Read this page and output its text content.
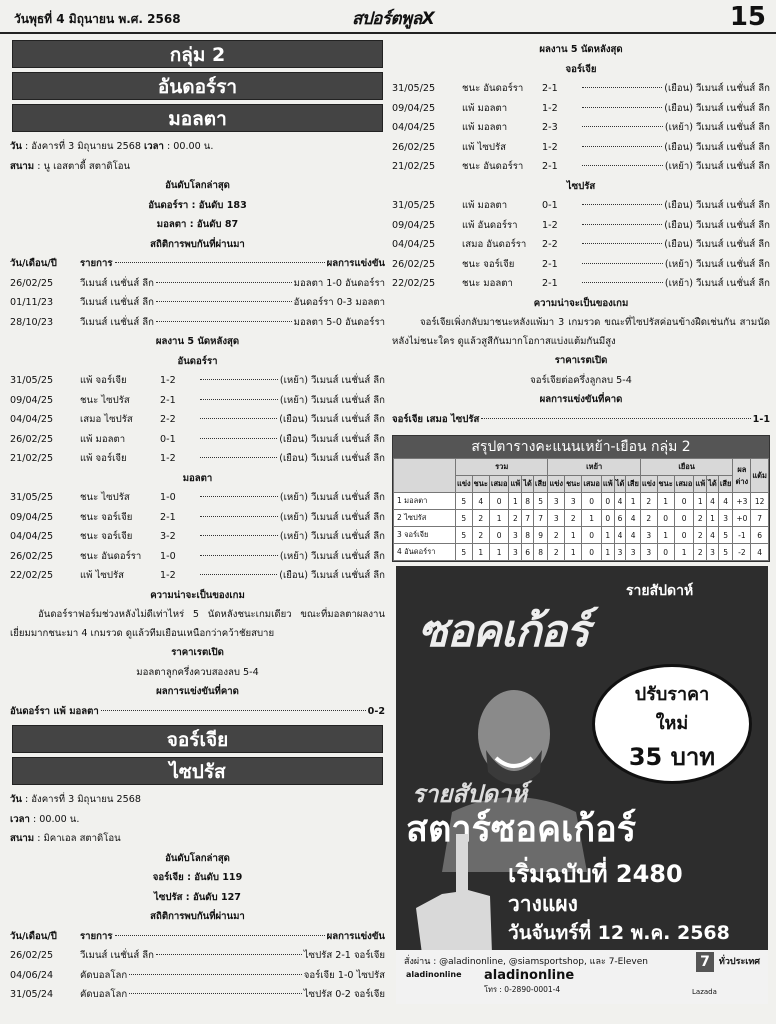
วันพุธที่ 4 มิถุนายน พ.ศ. 2568	สปอร์ตพูลX	15
กลุ่ม 2
อันดอร์รา
มอลตา
วัน
: อังคารที่ 3 มิถุนายน 2568
เวลา
: 00.00 น.
สนาม
: นู เอสตาดี้ สตาดิโอน
อันดับโลกล่าสุด
อันดอร์รา : อันดับ 183
มอลตา : อันดับ 87
สถิติการพบกันที่ผ่านมา
วัน/เดือน/ปี	รายการ	ผลการแข่งขัน
26/02/25	วีเมนส์ เนชั่นส์ ลีก	มอลตา 1-0 อันดอร์รา
01/11/23	วีเมนส์ เนชั่นส์ ลีก	อันดอร์รา 0-3 มอลตา
28/10/23	วีเมนส์ เนชั่นส์ ลีก	มอลตา 5-0 อันดอร์รา
ผลงาน 5 นัดหลังสุด
อันดอร์รา
31/05/25	แพ้ จอร์เจีย	1-2	(เหย้า) วีเมนส์ เนชั่นส์ ลีก
09/04/25	ชนะ ไซปรัส	2-1	(เหย้า) วีเมนส์ เนชั่นส์ ลีก
04/04/25	เสมอ ไซปรัส	2-2	(เยือน) วีเมนส์ เนชั่นส์ ลีก
26/02/25	แพ้ มอลตา	0-1	(เยือน) วีเมนส์ เนชั่นส์ ลีก
21/02/25	แพ้ จอร์เจีย	1-2	(เยือน) วีเมนส์ เนชั่นส์ ลีก
มอลตา
31/05/25	ชนะ ไซปรัส	1-0	(เหย้า) วีเมนส์ เนชั่นส์ ลีก
09/04/25	ชนะ จอร์เจีย	2-1	(เหย้า) วีเมนส์ เนชั่นส์ ลีก
04/04/25	ชนะ จอร์เจีย	3-2	(เหย้า) วีเมนส์ เนชั่นส์ ลีก
26/02/25	ชนะ อันดอร์รา	1-0	(เหย้า) วีเมนส์ เนชั่นส์ ลีก
22/02/25	แพ้ ไซปรัส	1-2	(เยือน) วีเมนส์ เนชั่นส์ ลีก
ความน่าจะเป็นของเกม
อันดอร์ราฟอร์มช่วงหลังไม่ดีเท่าไหร่ 5 นัดหลังชนะเกมเดียว ขณะที่มอลตาผลงานเยี่ยมมากชนะมา 4 เกมรวด ดูแล้วทีมเยือนเหนือกว่าคว้าชัยสบาย
ราคาเรตเปิด
มอลตาลูกครึ่งควบสองลบ 5-4
ผลการแข่งขันที่คาด
อันดอร์รา แพ้ มอลตา	0-2
จอร์เจีย
ไซปรัส
วัน
: อังคารที่ 3 มิถุนายน 2568
เวลา
: 00.00 น.
สนาม
: มิคาเอล สตาดิโอน
อันดับโลกล่าสุด
จอร์เจีย : อันดับ 119
ไซปรัส : อันดับ 127
สถิติการพบกันที่ผ่านมา
วัน/เดือน/ปี	รายการ	ผลการแข่งขัน
26/02/25	วีเมนส์ เนชั่นส์ ลีก	ไซปรัส 2-1 จอร์เจีย
04/06/24	คัดบอลโลก	จอร์เจีย 1-0 ไซปรัส
31/05/24	คัดบอลโลก	ไซปรัส 0-2 จอร์เจีย
ผลงาน 5 นัดหลังสุด
จอร์เจีย
31/05/25	ชนะ อันดอร์รา	2-1	(เยือน) วีเมนส์ เนชั่นส์ ลีก
09/04/25	แพ้ มอลตา	1-2	(เยือน) วีเมนส์ เนชั่นส์ ลีก
04/04/25	แพ้ มอลตา	2-3	(เหย้า) วีเมนส์ เนชั่นส์ ลีก
26/02/25	แพ้ ไซปรัส	1-2	(เยือน) วีเมนส์ เนชั่นส์ ลีก
21/02/25	ชนะ อันดอร์รา	2-1	(เหย้า) วีเมนส์ เนชั่นส์ ลีก
ไซปรัส
31/05/25	แพ้ มอลตา	0-1	(เยือน) วีเมนส์ เนชั่นส์ ลีก
09/04/25	แพ้ อันดอร์รา	1-2	(เยือน) วีเมนส์ เนชั่นส์ ลีก
04/04/25	เสมอ อันดอร์รา	2-2	(เยือน) วีเมนส์ เนชั่นส์ ลีก
26/02/25	ชนะ จอร์เจีย	2-1	(เหย้า) วีเมนส์ เนชั่นส์ ลีก
22/02/25	ชนะ มอลตา	2-1	(เหย้า) วีเมนส์ เนชั่นส์ ลีก
ความน่าจะเป็นของเกม
จอร์เจียเพิ่งกลับมาชนะหลังแพ้มา 3 เกมรวด ขณะที่ไซปรัสค่อนข้างฝืดเช่นกัน สามนัดหลังไม่ชนะใคร ดูแล้วสูสีกันมากโอกาสแบ่งแต้มกันมีสูง
ราคาเรตเปิด
จอร์เจียต่อครึ่งลูกลบ 5-4
ผลการแข่งขันที่คาด
จอร์เจีย เสมอ ไซปรัส	1-1
สรุปตารางคะแนนเหย้า-เยือน กลุ่ม 2
	รวม						เหย้า						เยือน						ผลต่าง	แต้ม
	แข่ง	ชนะ	เสมอ	แพ้	ได้	เสีย	แข่ง	ชนะ	เสมอ	แพ้	ได้	เสีย	แข่ง	ชนะ	เสมอ	แพ้	ได้	เสีย		
1 มอลตา	5	4	0	1	8	5	3	3	0	0	4	1	2	1	0	1	4	4	+3	12
2 ไซปรัส	5	2	1	2	7	7	3	2	1	0	6	4	2	0	0	2	1	3	+0	7
3 จอร์เจีย	5	2	0	3	8	9	2	1	0	1	4	4	3	1	0	2	4	5	-1	6
4 อันดอร์รา	5	1	1	3	6	8	2	1	0	1	3	3	3	0	1	2	3	5	-2	4
รายสัปดาห์
ซอคเก้อร์
ปรับราคา
ใหม่
35 บาท
รายสัปดาห์
สตาร์ซอคเก้อร์
เริ่มฉบับที่ 2480
วางแผง
วันจันทร์ที่ 12 พ.ค. 2568
สั่งผ่าน : @aladinonline, @siamsportshop, และ 7-Eleven	7	ทั่วประเทศ
aladinonline aladinonline
โทร : 0-2890-0001-4	Lazada
